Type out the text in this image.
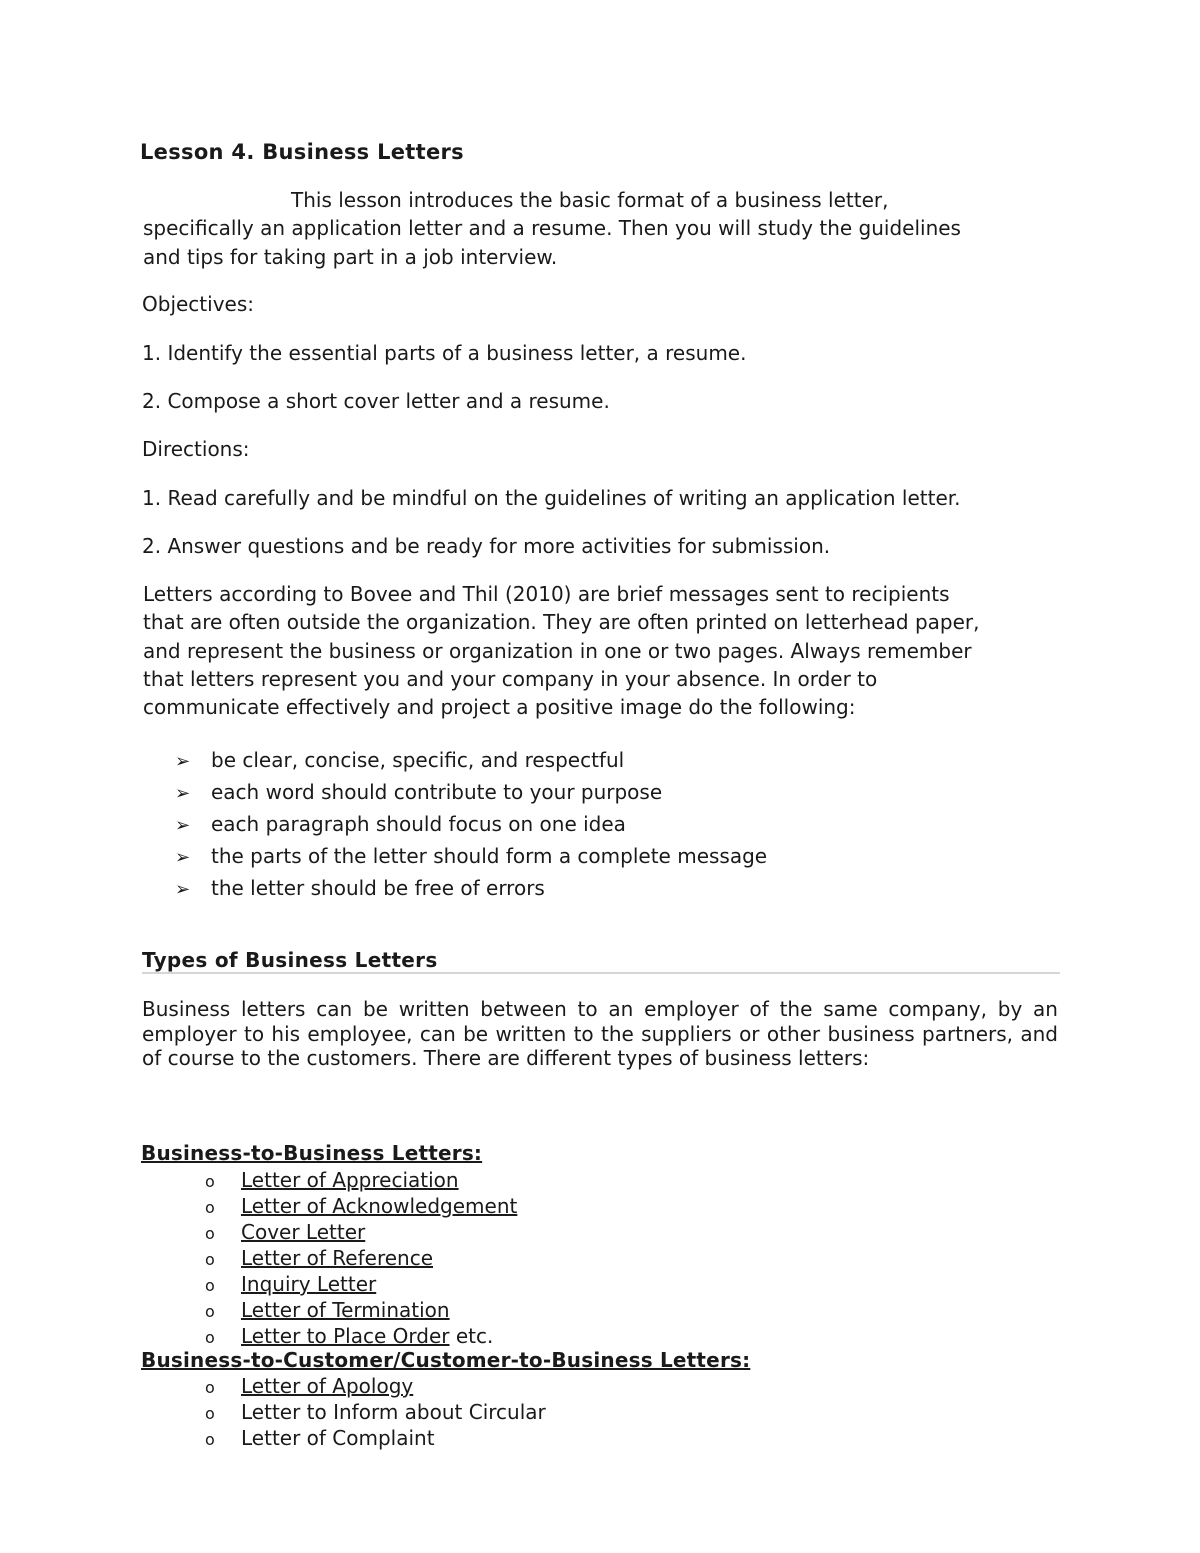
Lesson 4. Business Letters
This lesson introduces the basic format of a business letter,
specifically an application letter and a resume. Then you will study the guidelines
and tips for taking part in a job interview.

Objectives:

1. Identify the essential parts of a business letter, a resume.

2. Compose a short cover letter and a resume.

Directions:

1. Read carefully and be mindful on the guidelines of writing an application letter.

2. Answer questions and be ready for more activities for submission.

Letters according to Bovee and Thil (2010) are brief messages sent to recipients
that are often outside the organization. They are often printed on letterhead paper,
and represent the business or organization in one or two pages. Always remember
that letters represent you and your company in your absence. In order to
communicate effectively and project a positive image do the following:
➢ be clear, concise, specific, and respectful
➢ each word should contribute to your purpose
➢ each paragraph should focus on one idea
➢ the parts of the letter should form a complete message
➢ the letter should be free of errors
Types of Business Letters

Business letters can be written between to an employer of the same company, by an employer to his employee, can be written to the suppliers or other business partners, and of course to the customers. There are different types of business letters:

Business-to-Business Letters:
o Letter of Appreciation
o Letter of Acknowledgement
o Cover Letter
o Letter of Reference
o Inquiry Letter
o Letter of Termination
o Letter to Place Order etc.
Business-to-Customer/Customer-to-Business Letters:
o Letter of Apology
o Letter to Inform about Circular
o Letter of Complaint
